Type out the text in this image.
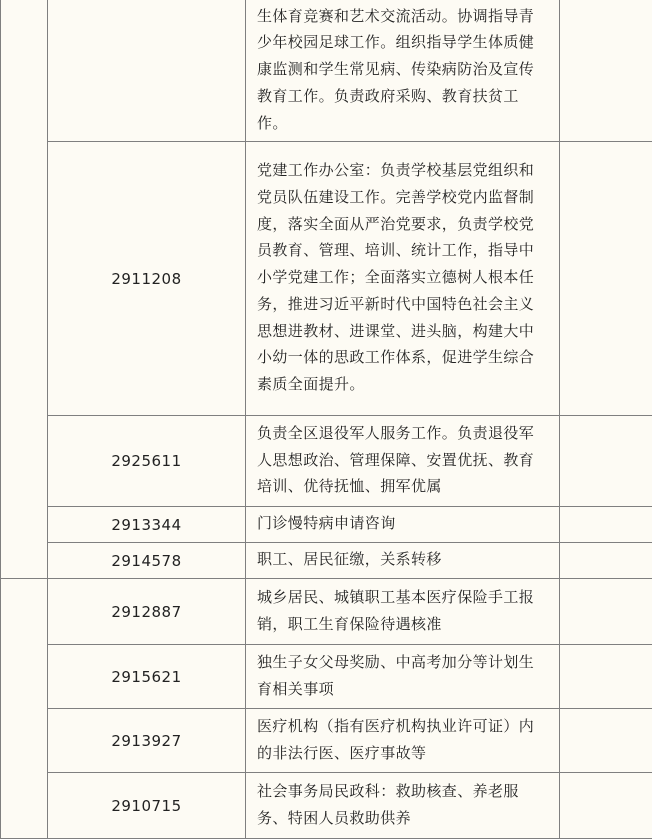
		生体育竞赛和艺术交流活动。协调指导青少年校园足球工作。组织指导学生体质健康监测和学生常见病、传染病防治及宣传教育工作。负责政府采购、教育扶贫工作。	
	2911208	党建工作办公室：负责学校基层党组织和党员队伍建设工作。完善学校党内监督制度，落实全面从严治党要求，负责学校党员教育、管理、培训、统计工作，指导中小学党建工作；全面落实立德树人根本任务，推进习近平新时代中国特色社会主义思想进教材、进课堂、进头脑，构建大中小幼一体的思政工作体系，促进学生综合素质全面提升。	
	2925611	负责全区退役军人服务工作。负责退役军人思想政治、管理保障、安置优抚、教育培训、优待抚恤、拥军优属	
	2913344	门诊慢特病申请咨询	
	2914578	职工、居民征缴，关系转移	
	2912887	城乡居民、城镇职工基本医疗保险手工报销，职工生育保险待遇核准	
	2915621	独生子女父母奖励、中高考加分等计划生育相关事项	
	2913927	医疗机构（指有医疗机构执业许可证）内的非法行医、医疗事故等	
	2910715	社会事务局民政科：救助核查、养老服务、特困人员救助供养	
